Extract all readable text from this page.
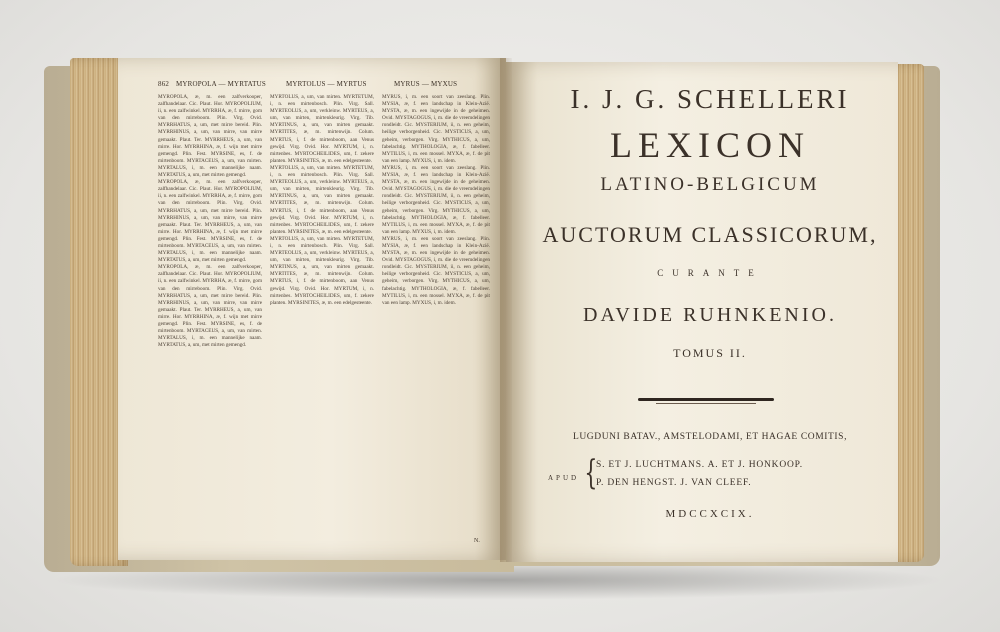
862 MYROPOLA — MYRTATUS	MYRTOLUS — MYRTUS	MYRUS — MYXUS

MYROPOLA, æ, m. een zalfverkooper, zalfhandelaar. Cic. Plaut. Hor. MYROPOLIUM, ii, n. een zalfwinkel. MYRRHA, æ, f. mirre, gom van den mirreboom. Plin. Virg. Ovid. MYRRHATUS, a, um, met mirre bereid. Plin. MYRRHINUS, a, um, van mirre, van mirre gemaakt. Plaut. Ter. MYRRHEUS, a, um, van mirre. Hor. MYRRHINA, æ, f. wijn met mirre gemengd. Plin. Fest. MYRSINE, es, f. de mirtenboom. MYRTACEUS, a, um, van mirten. MYRTALUS, i, m. een mannelijke naam. MYRTATUS, a, um, met mirten gemengd.

MYROPOLA, æ, m. een zalfverkooper, zalfhandelaar. Cic. Plaut. Hor. MYROPOLIUM, ii, n. een zalfwinkel. MYRRHA, æ, f. mirre, gom van den mirreboom. Plin. Virg. Ovid. MYRRHATUS, a, um, met mirre bereid. Plin. MYRRHINUS, a, um, van mirre, van mirre gemaakt. Plaut. Ter. MYRRHEUS, a, um, van mirre. Hor. MYRRHINA, æ, f. wijn met mirre gemengd. Plin. Fest. MYRSINE, es, f. de mirtenboom. MYRTACEUS, a, um, van mirten. MYRTALUS, i, m. een mannelijke naam. MYRTATUS, a, um, met mirten gemengd.

MYROPOLA, æ, m. een zalfverkooper, zalfhandelaar. Cic. Plaut. Hor. MYROPOLIUM, ii, n. een zalfwinkel. MYRRHA, æ, f. mirre, gom van den mirreboom. Plin. Virg. Ovid. MYRRHATUS, a, um, met mirre bereid. Plin. MYRRHINUS, a, um, van mirre, van mirre gemaakt. Plaut. Ter. MYRRHEUS, a, um, van mirre. Hor. MYRRHINA, æ, f. wijn met mirre gemengd. Plin. Fest. MYRSINE, es, f. de mirtenboom. MYRTACEUS, a, um, van mirten. MYRTALUS, i, m. een mannelijke naam. MYRTATUS, a, um, met mirten gemengd.

MYRTOLUS, a, um, van mirten. MYRTETUM, i, n. een mirtenbosch. Plin. Virg. Sall. MYRTEOLUS, a, um, verkleinw. MYRTEUS, a, um, van mirten, mirtenkleurig. Virg. Tib. MYRTINUS, a, um, van mirten gemaakt. MYRTITES, æ, m. mirtenwijn. Colum. MYRTUS, i, f. de mirtenboom, aan Venus gewijd. Virg. Ovid. Hor. MYRTUM, i, n. mirtenbes. MYRTOCHEILIDES, um, f. zekere planten. MYRSINITES, æ, m. een edelgesteente.

MYRTOLUS, a, um, van mirten. MYRTETUM, i, n. een mirtenbosch. Plin. Virg. Sall. MYRTEOLUS, a, um, verkleinw. MYRTEUS, a, um, van mirten, mirtenkleurig. Virg. Tib. MYRTINUS, a, um, van mirten gemaakt. MYRTITES, æ, m. mirtenwijn. Colum. MYRTUS, i, f. de mirtenboom, aan Venus gewijd. Virg. Ovid. Hor. MYRTUM, i, n. mirtenbes. MYRTOCHEILIDES, um, f. zekere planten. MYRSINITES, æ, m. een edelgesteente.

MYRTOLUS, a, um, van mirten. MYRTETUM, i, n. een mirtenbosch. Plin. Virg. Sall. MYRTEOLUS, a, um, verkleinw. MYRTEUS, a, um, van mirten, mirtenkleurig. Virg. Tib. MYRTINUS, a, um, van mirten gemaakt. MYRTITES, æ, m. mirtenwijn. Colum. MYRTUS, i, f. de mirtenboom, aan Venus gewijd. Virg. Ovid. Hor. MYRTUM, i, n. mirtenbes. MYRTOCHEILIDES, um, f. zekere planten. MYRSINITES, æ, m. een edelgesteente.

MYRUS, i, m. een soort van zeeslang. Plin. MYSIA, æ, f. een landschap in Klein-Azië. MYSTA, æ, m. een ingewijde in de geheimen. Ovid. MYSTAGOGUS, i, m. die de vreemdelingen rondleidt. Cic. MYSTERIUM, ii, n. een geheim, heilige verborgenheid. Cic. MYSTICUS, a, um, geheim, verborgen. Virg. MYTHICUS, a, um, fabelachtig. MYTHOLOGIA, æ, f. fabelleer. MYTILUS, i, m. een mossel. MYXA, æ, f. de pit van een lamp. MYXUS, i, m. idem.

MYRUS, i, m. een soort van zeeslang. Plin. MYSIA, æ, f. een landschap in Klein-Azië. MYSTA, æ, m. een ingewijde in de geheimen. Ovid. MYSTAGOGUS, i, m. die de vreemdelingen rondleidt. Cic. MYSTERIUM, ii, n. een geheim, heilige verborgenheid. Cic. MYSTICUS, a, um, geheim, verborgen. Virg. MYTHICUS, a, um, fabelachtig. MYTHOLOGIA, æ, f. fabelleer. MYTILUS, i, m. een mossel. MYXA, æ, f. de pit van een lamp. MYXUS, i, m. idem.

MYRUS, i, m. een soort van zeeslang. Plin. MYSIA, æ, f. een landschap in Klein-Azië. MYSTA, æ, m. een ingewijde in de geheimen. Ovid. MYSTAGOGUS, i, m. die de vreemdelingen rondleidt. Cic. MYSTERIUM, ii, n. een geheim, heilige verborgenheid. Cic. MYSTICUS, a, um, geheim, verborgen. Virg. MYTHICUS, a, um, fabelachtig. MYTHOLOGIA, æ, f. fabelleer. MYTILUS, i, m. een mossel. MYXA, æ, f. de pit van een lamp. MYXUS, i, m. idem.

N.
I. J. G. SCHELLERI
LEXICON
LATINO-BELGICUM
AUCTORUM CLASSICORUM,
CURANTE
DAVIDE RUHNKENIO.
TOMUS II.
LUGDUNI BATAV., AMSTELODAMI, ET HAGAE COMITIS,
APUD {
S. ET J. LUCHTMANS. A. ET J. HONKOOP.
P. DEN HENGST. J. VAN CLEEF.
MDCCXCIX.
